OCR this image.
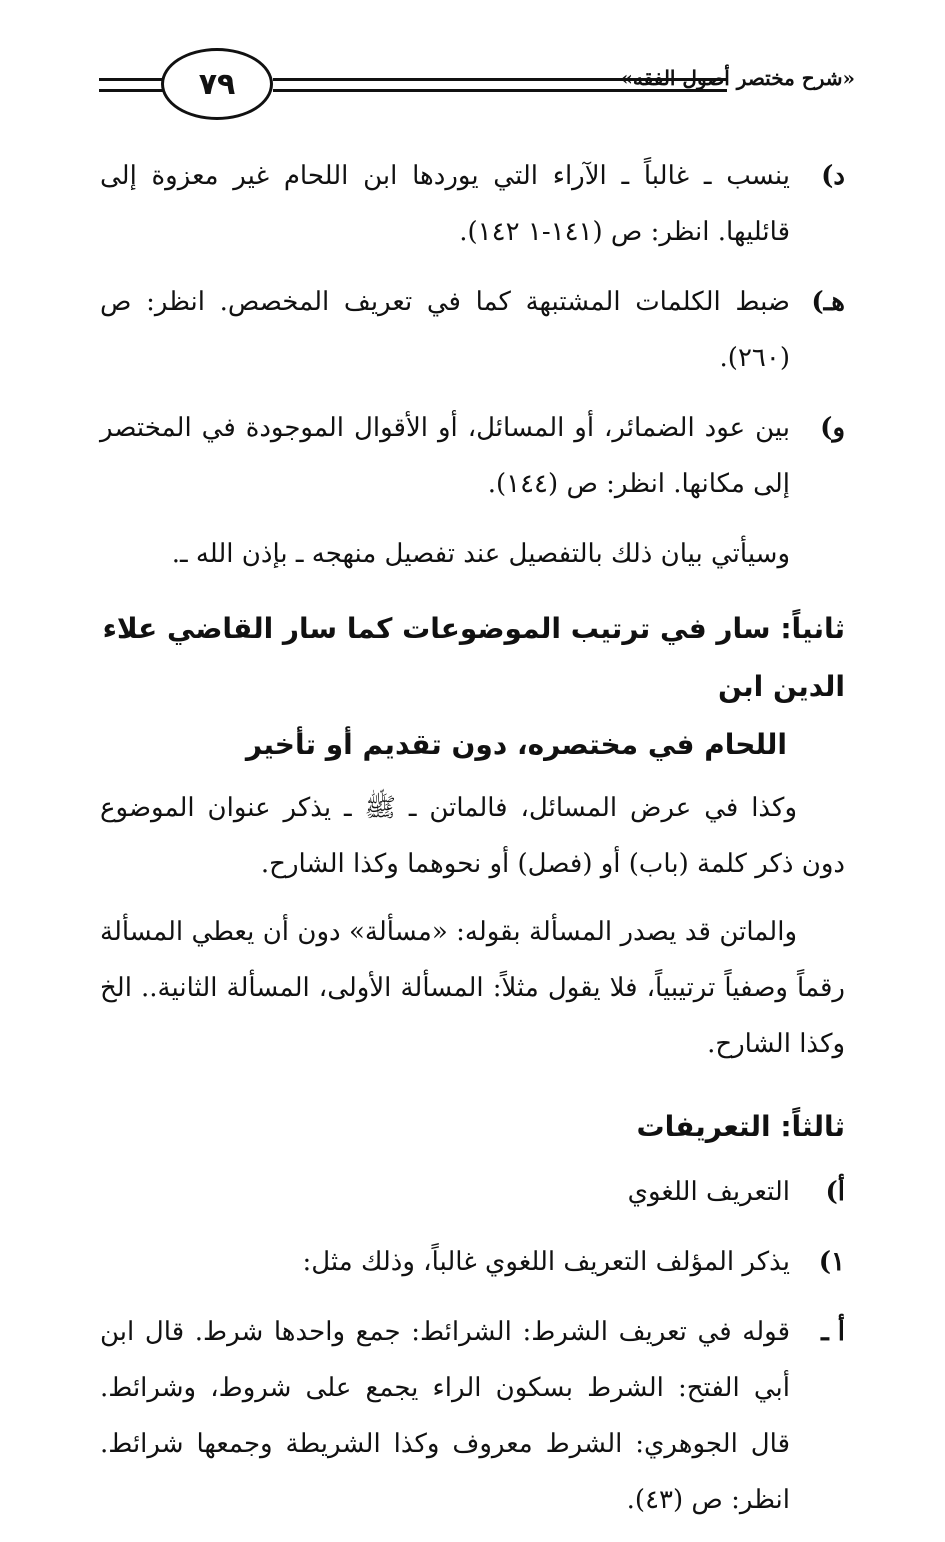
٧٩	«شرح مختصر أصول الفقه»
د)
ينسب ـ غالباً ـ الآراء التي يوردها ابن اللحام غير معزوة إلى قائليها. انظر: ص (١٤١-١ ١٤٢).
هـ)
ضبط الكلمات المشتبهة كما في تعريف المخصص. انظر: ص (٢٦٠).
و)
بين عود الضمائر، أو المسائل، أو الأقوال الموجودة في المختصر إلى مكانها. انظر: ص (١٤٤).

وسيأتي بيان ذلك بالتفصيل عند تفصيل منهجه ـ بإذن الله ـ.

ثانياً: سار في ترتيب الموضوعات كما سار القاضي علاء الدين ابن
اللحام في مختصره، دون تقديم أو تأخير

وكذا في عرض المسائل، فالماتن ـ ﷺ ـ يذكر عنوان الموضوع دون ذكر كلمة (باب) أو (فصل) أو نحوهما وكذا الشارح.

والماتن قد يصدر المسألة بقوله: «مسألة» دون أن يعطي المسألة رقماً وصفياً ترتيبياً، فلا يقول مثلاً: المسألة الأولى، المسألة الثانية.. الخ وكذا الشارح.

ثالثاً: التعريفات
أ)
التعريف اللغوي
١)
يذكر المؤلف التعريف اللغوي غالباً، وذلك مثل:
أ ـ
قوله في تعريف الشرط: الشرائط: جمع واحدها شرط. قال ابن أبي الفتح: الشرط بسكون الراء يجمع على شروط، وشرائط. قال الجوهري: الشرط معروف وكذا الشريطة وجمعها شرائط. انظر: ص (٤٣).
